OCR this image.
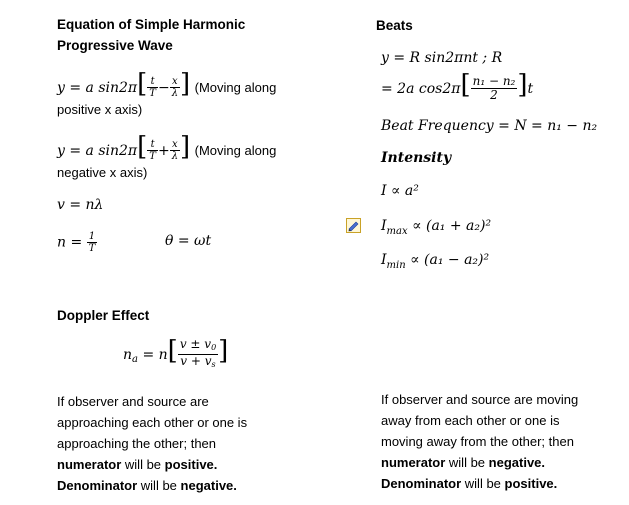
Equation of Simple Harmonic
Progressive Wave
y = a $\sin 2\pi[ \frac{t}{T} - \frac{x}{\lambda}$ ] (Moving along
positive x axis)
y = a $\sin 2\pi[ \frac{t}{T} + \frac{x}{\lambda}$ ] (Moving along
negative x axis)
v = nλ
$n = \frac{1}{T}$	θ = ωt
Doppler Effect
na = $n[ \frac{v \pm v0}{v + vs}$ ]
If observer and source are
approaching each other or one is
approaching the other; then
numerator will be positive.
Denominator will be negative.
Beats
y = R sin2πnt ; R
= 2a $\cos 2\pi[ \frac{\text{n₁ − n₂}}{2} ]t$
Beat Frequency = N = n₁ − n₂
Intensity
I ∝ a²
$I_{max} \propto (a_1 + a_2)^2$
$I_{min} \propto (a_1 - a_2)^2$
If observer and source are moving
away from each other or one is
moving away from the other; then
numerator will be negative.
Denominator will be positive.
